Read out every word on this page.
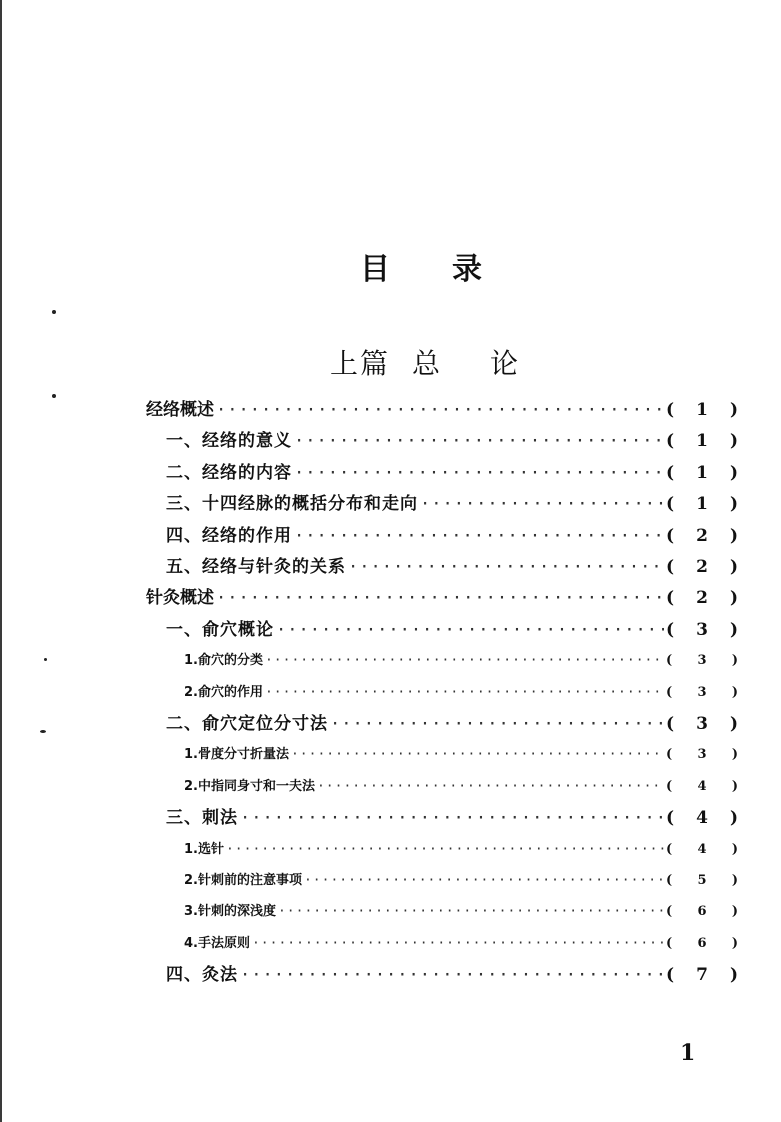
目录
上篇 总 论
经络概述 ·····	(	1	)
一、经络的意义 ·····	(	1	)
二、经络的内容 ·····	(	1	)
三、十四经脉的概括分布和走向 ·····	(	1	)
四、经络的作用 ·····	(	2	)
五、经络与针灸的关系 ·····	(	2	)
针灸概述 ·····	(	2	)
一、俞穴概论 ·····	(	3	)
1.俞穴的分类 ·····	(	3	)
2.俞穴的作用 ·····	(	3	)
二、俞穴定位分寸法 ·····	(	3	)
1.骨度分寸折量法 ·····	(	3	)
2.中指同身寸和一夫法 ·····	(	4	)
三、刺法 ·····	(	4	)
1.选针 ·····	(	4	)
2.针刺前的注意事项 ·····	(	5	)
3.针刺的深浅度 ·····	(	6	)
4.手法原则 ·····	(	6	)
四、灸法 ·····	(	7	)
1
